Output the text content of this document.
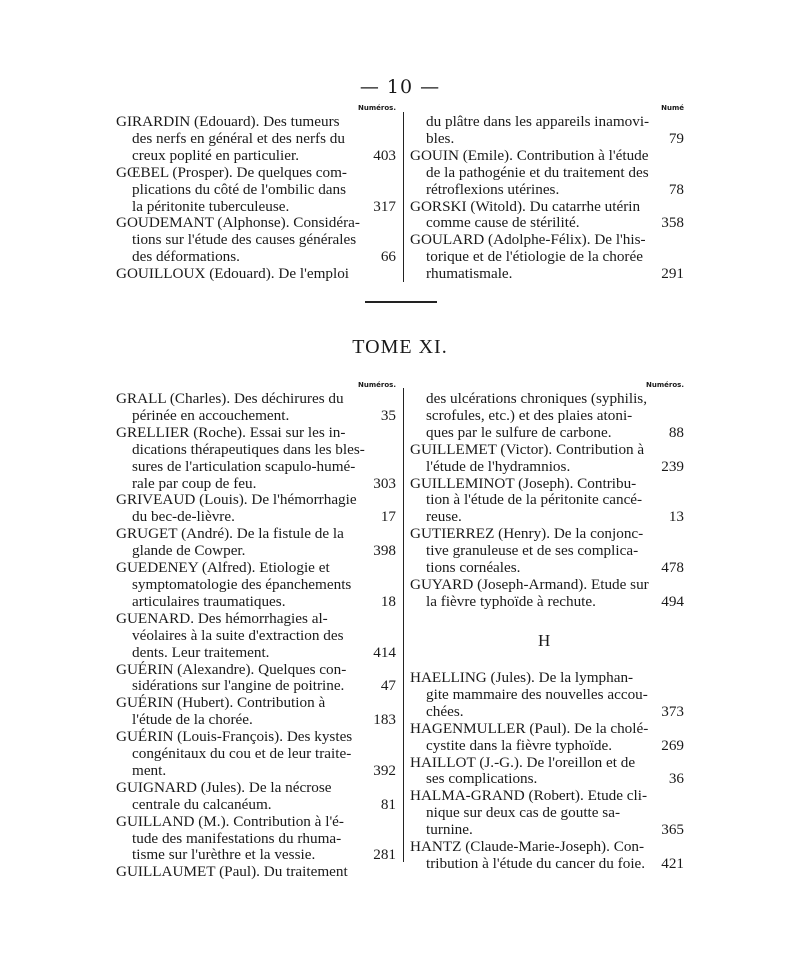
— 10 —
Numéros.
GIRARDIN (Edouard). Des tumeurs
des nerfs en général et des nerfs du
creux poplité en particulier.	403
GŒBEL (Prosper). De quelques com-
plications du côté de l'ombilic dans
la péritonite tuberculeuse.	317
GOUDEMANT (Alphonse). Considéra-
tions sur l'étude des causes générales
des déformations.	66
GOUILLOUX (Edouard). De l'emploi
Numé
du plâtre dans les appareils inamovi-
bles.	79
GOUIN (Emile). Contribution à l'étude
de la pathogénie et du traitement des
rétroflexions utérines.	78
GORSKI (Witold). Du catarrhe utérin
comme cause de stérilité.	358
GOULARD (Adolphe-Félix). De l'his-
torique et de l'étiologie de la chorée
rhumatismale.	291
TOME XI.
Numéros.
GRALL (Charles). Des déchirures du
périnée en accouchement.	35
GRELLIER (Roche). Essai sur les in-
dications thérapeutiques dans les bles-
sures de l'articulation scapulo-humé-
rale par coup de feu.	303
GRIVEAUD (Louis). De l'hémorrhagie
du bec-de-lièvre.	17
GRUGET (André). De la fistule de la
glande de Cowper.	398
GUEDENEY (Alfred). Etiologie et
symptomatologie des épanchements
articulaires traumatiques.	18
GUENARD. Des hémorrhagies al-
véolaires à la suite d'extraction des
dents. Leur traitement.	414
GUÉRIN (Alexandre). Quelques con-
sidérations sur l'angine de poitrine.	47
GUÉRIN (Hubert). Contribution à
l'étude de la chorée.	183
GUÉRIN (Louis-François). Des kystes
congénitaux du cou et de leur traite-
ment.	392
GUIGNARD (Jules). De la nécrose
centrale du calcanéum.	81
GUILLAND (M.). Contribution à l'é-
tude des manifestations du rhuma-
tisme sur l'urèthre et la vessie.	281
GUILLAUMET (Paul). Du traitement
Numéros.
des ulcérations chroniques (syphilis,
scrofules, etc.) et des plaies atoni-
ques par le sulfure de carbone.	88
GUILLEMET (Victor). Contribution à
l'étude de l'hydramnios.	239
GUILLEMINOT (Joseph). Contribu-
tion à l'étude de la péritonite cancé-
reuse.	13
GUTIERREZ (Henry). De la conjonc-
tive granuleuse et de ses complica-
tions cornéales.	478
GUYARD (Joseph-Armand). Etude sur
la fièvre typhoïde à rechute.	494
H
HAELLING (Jules). De la lymphan-
gite mammaire des nouvelles accou-
chées.	373
HAGENMULLER (Paul). De la cholé-
cystite dans la fièvre typhoïde.	269
HAILLOT (J.-G.). De l'oreillon et de
ses complications.	36
HALMA-GRAND (Robert). Etude cli-
nique sur deux cas de goutte sa-
turnine.	365
HANTZ (Claude-Marie-Joseph). Con-
tribution à l'étude du cancer du foie.	421
